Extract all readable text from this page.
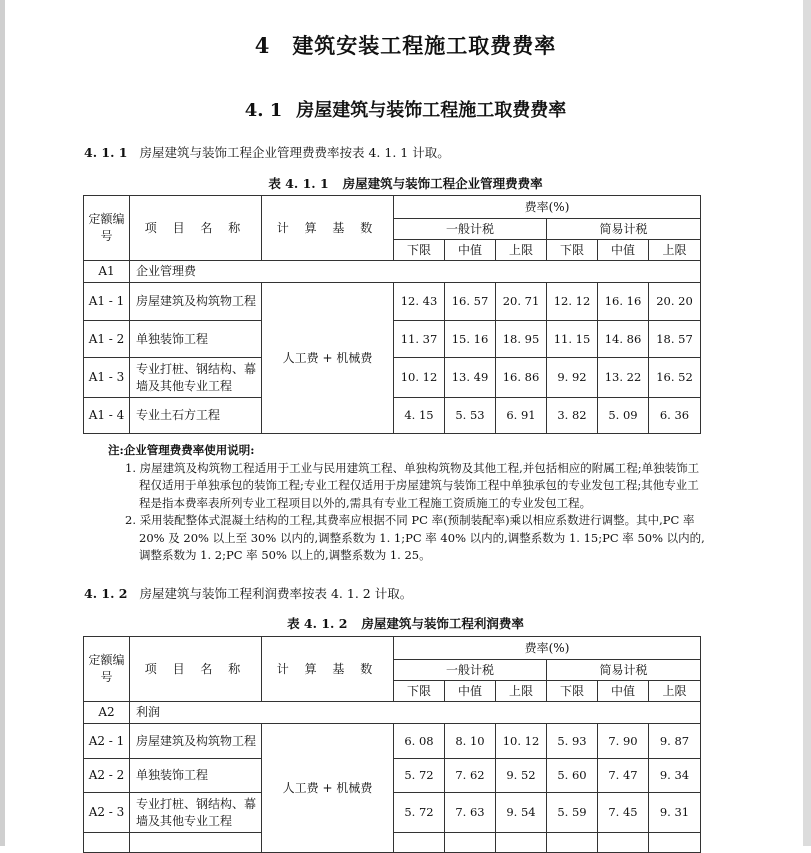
4 建筑安装工程施工取费费率
4. 1 房屋建筑与装饰工程施工取费费率
4. 1. 1 房屋建筑与装饰工程企业管理费费率按表 4. 1. 1 计取。
表 4. 1. 1 房屋建筑与装饰工程企业管理费费率
定额编号	项 目 名 称	计 算 基 数	费率(%)					
			一般计税			简易计税		
			下限	中值	上限	下限	中值	上限
A1	企业管理费							
A1 - 1	房屋建筑及构筑物工程	人工费 + 机械费	12. 43	16. 57	20. 71	12. 12	16. 16	20. 20
A1 - 2	单独装饰工程		11. 37	15. 16	18. 95	11. 15	14. 86	18. 57
A1 - 3	专业打桩、钢结构、幕墙及其他专业工程		10. 12	13. 49	16. 86	9. 92	13. 22	16. 52
A1 - 4	专业土石方工程		4. 15	5. 53	6. 91	3. 82	5. 09	6. 36
注:企业管理费费率使用说明:
1. 房屋建筑及构筑物工程适用于工业与民用建筑工程、单独构筑物及其他工程,并包括相应的附属工程;单独装饰工程仅适用于单独承包的装饰工程;专业工程仅适用于房屋建筑与装饰工程中单独承包的专业发包工程;其他专业工程是指本费率表所列专业工程项目以外的,需具有专业工程施工资质施工的专业发包工程。
2. 采用装配整体式混凝土结构的工程,其费率应根据不同 PC 率(预制装配率)乘以相应系数进行调整。其中,PC 率 20% 及 20% 以上至 30% 以内的,调整系数为 1. 1;PC 率 40% 以内的,调整系数为 1. 15;PC 率 50% 以内的,调整系数为 1. 2;PC 率 50% 以上的,调整系数为 1. 25。
4. 1. 2 房屋建筑与装饰工程利润费率按表 4. 1. 2 计取。
表 4. 1. 2 房屋建筑与装饰工程利润费率
定额编号	项 目 名 称	计 算 基 数	费率(%)					
			一般计税			简易计税		
			下限	中值	上限	下限	中值	上限
A2	利润							
A2 - 1	房屋建筑及构筑物工程	人工费 + 机械费	6. 08	8. 10	10. 12	5. 93	7. 90	9. 87
A2 - 2	单独装饰工程		5. 72	7. 62	9. 52	5. 60	7. 47	9. 34
A2 - 3	专业打桩、钢结构、幕墙及其他专业工程		5. 72	7. 63	9. 54	5. 59	7. 45	9. 31
